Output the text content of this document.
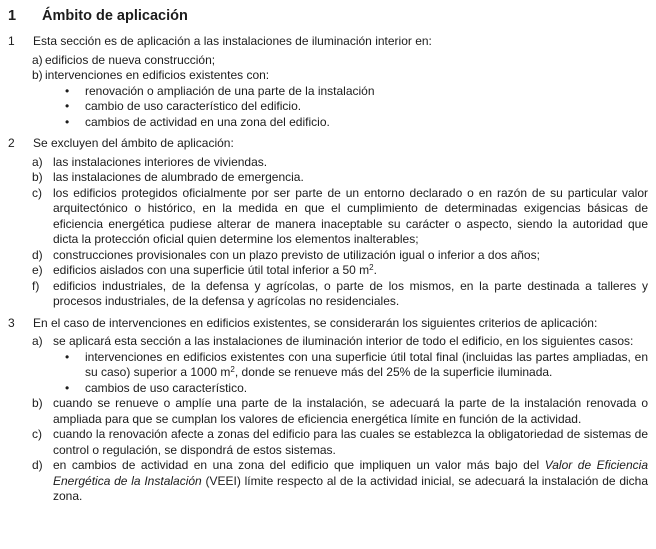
1	Ámbito de aplicación
1	Esta sección es de aplicación a las instalaciones de iluminación interior en:
a) edificios de nueva construcción;
b) intervenciones en edificios existentes con:
•	renovación o ampliación de una parte de la instalación
•	cambio de uso característico del edificio.
•	cambios de actividad en una zona del edificio.
2	Se excluyen del ámbito de aplicación:
a) las instalaciones interiores de viviendas.
b) las instalaciones de alumbrado de emergencia.
c) los edificios protegidos oficialmente por ser parte de un entorno declarado o en razón de su particular valor arquitectónico o histórico, en la medida en que el cumplimiento de determinadas exigencias básicas de eficiencia energética pudiese alterar de manera inaceptable su carácter o aspecto, siendo la autoridad que dicta la protección oficial quien determine los elementos inalterables;
d) construcciones provisionales con un plazo previsto de utilización igual o inferior a dos años;
e) edificios aislados con una superficie útil total inferior a 50 $m^2$.
f)	edificios industriales, de la defensa y agrícolas, o parte de los mismos, en la parte destinada a talleres y procesos industriales, de la defensa y agrícolas no residenciales.
3	En el caso de intervenciones en edificios existentes, se considerarán los siguientes criterios de aplicación:
a) se aplicará esta sección a las instalaciones de iluminación interior de todo el edificio, en los siguientes casos:
•	intervenciones en edificios existentes con una superficie útil total final (incluidas las partes ampliadas, en su caso) superior a 1000 $m^2$, donde se renueve más del 25% de la superficie iluminada.
•	cambios de uso característico.
b) cuando se renueve o amplíe una parte de la instalación, se adecuará la parte de la instalación renovada o ampliada para que se cumplan los valores de eficiencia energética límite en función de la actividad.
c) cuando la renovación afecte a zonas del edificio para las cuales se establezca la obligatoriedad de sistemas de control o regulación, se dispondrá de estos sistemas.
d) en cambios de actividad en una zona del edificio que impliquen un valor más bajo del Valor de Eficiencia Energética de la Instalación (VEEI) límite respecto al de la actividad inicial, se adecuará la instalación de dicha zona.
